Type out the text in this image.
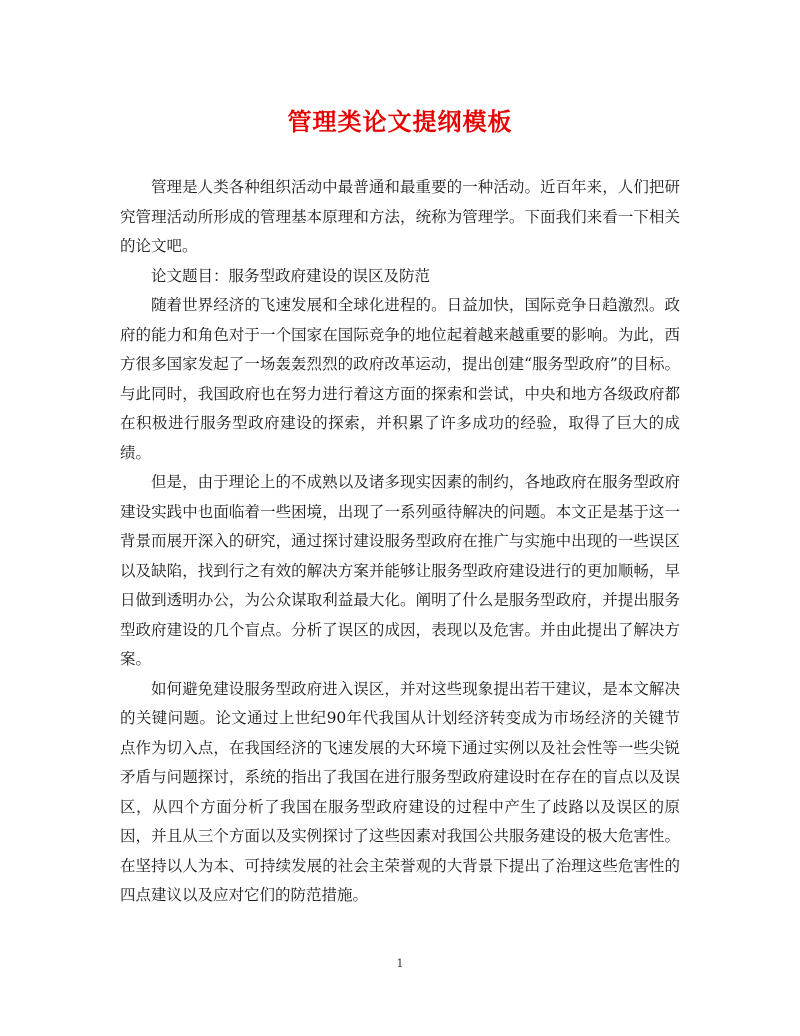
管理类论文提纲模板

管理是人类各种组织活动中最普通和最重要的一种活动。近百年来，人们把研究管理活动所形成的管理基本原理和方法，统称为管理学。下面我们来看一下相关的论文吧。

论文题目：服务型政府建设的误区及防范

随着世界经济的飞速发展和全球化进程的。日益加快，国际竞争日趋激烈。政府的能力和角色对于一个国家在国际竞争的地位起着越来越重要的影响。为此，西方很多国家发起了一场轰轰烈烈的政府改革运动，提出创建“服务型政府”的目标。与此同时，我国政府也在努力进行着这方面的探索和尝试，中央和地方各级政府都在积极进行服务型政府建设的探索，并积累了许多成功的经验，取得了巨大的成绩。

但是，由于理论上的不成熟以及诸多现实因素的制约，各地政府在服务型政府建设实践中也面临着一些困境，出现了一系列亟待解决的问题。本文正是基于这一背景而展开深入的研究，通过探讨建设服务型政府在推广与实施中出现的一些误区以及缺陷，找到行之有效的解决方案并能够让服务型政府建设进行的更加顺畅，早日做到透明办公，为公众谋取利益最大化。阐明了什么是服务型政府，并提出服务型政府建设的几个盲点。分析了误区的成因，表现以及危害。并由此提出了解决方案。

如何避免建设服务型政府进入误区，并对这些现象提出若干建议，是本文解决的关键问题。论文通过上世纪90年代我国从计划经济转变成为市场经济的关键节点作为切入点，在我国经济的飞速发展的大环境下通过实例以及社会性等一些尖锐矛盾与问题探讨，系统的指出了我国在进行服务型政府建设时在存在的盲点以及误区，从四个方面分析了我国在服务型政府建设的过程中产生了歧路以及误区的原因，并且从三个方面以及实例探讨了这些因素对我国公共服务建设的极大危害性。在坚持以人为本、可持续发展的社会主荣誉观的大背景下提出了治理这些危害性的四点建议以及应对它们的防范措施。

1
